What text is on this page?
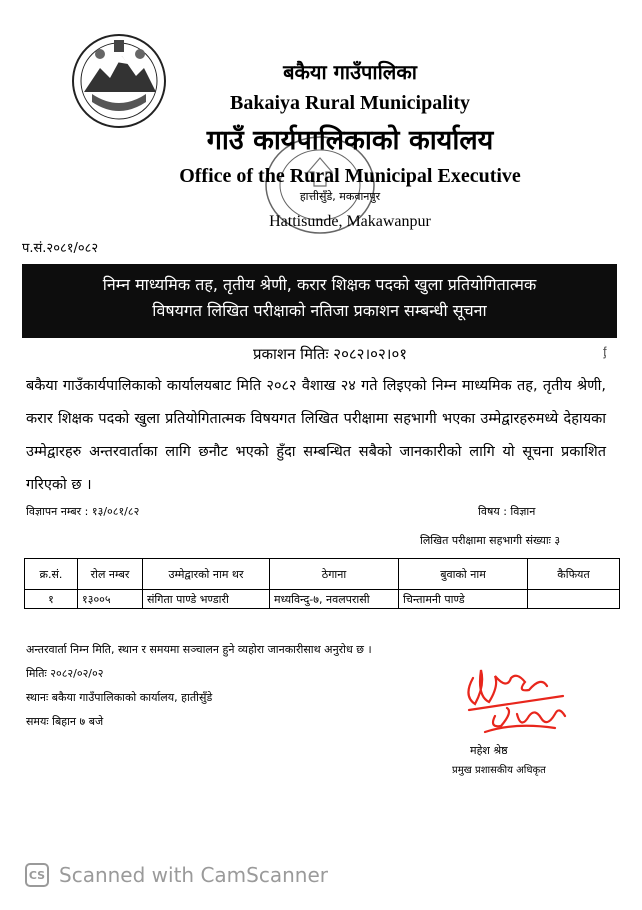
बकैया गाउँपालिका
Bakaiya Rural Municipality
गाउँ कार्यपालिकाको कार्यालय
Office of the Rural Municipal Executive
हात्तीसुँडे, मकवानपुर
Hattisunde, Makawanpur
प.सं.२०८१/०८२
निम्न माध्यमिक तह, तृतीय श्रेणी, करार शिक्षक पदको खुला प्रतियोगितात्मक
विषयगत लिखित परीक्षाको नतिजा प्रकाशन सम्बन्धी सूचना
प्रकाशन मितिः २०८२।०२।०१	ᶂ
बकैया गाउँकार्यपालिकाको कार्यालयबाट मिति २०८२ वैशाख २४ गते लिइएको निम्न माध्यमिक तह, तृतीय श्रेणी, करार शिक्षक पदको खुला प्रतियोगितात्मक विषयगत लिखित परीक्षामा सहभागी भएका उम्मेद्वारहरुमध्ये देहायका उम्मेद्वारहरु अन्तरवार्ताका लागि छनौट भएको हुँदा सम्बन्धित सबैको जानकारीको लागि यो सूचना प्रकाशित गरिएको छ ।
विज्ञापन नम्बर : १३/०८१/८२	विषय : विज्ञान
लिखित परीक्षामा सहभागी संख्याः ३
क्र.सं.	रोल नम्बर	उम्मेद्वारको नाम थर	ठेगाना	बुवाको नाम	कैफियत
१	१३००५	संगिता पाण्डे भण्डारी	मध्यविन्दु-७, नवलपरासी	चिन्तामनी पाण्डे	
अन्तरवार्ता निम्न मिति, स्थान र समयमा सञ्चालन हुने व्यहोरा जानकारीसाथ अनुरोध छ ।
मितिः २०८२/०२/०२
स्थानः बकैया गाउँपालिकाको कार्यालय, हातीसुँडे
समयः बिहान ७ बजे
महेश श्रेष्ठ
प्रमुख प्रशासकीय अधिकृत
CS Scanned with CamScanner
